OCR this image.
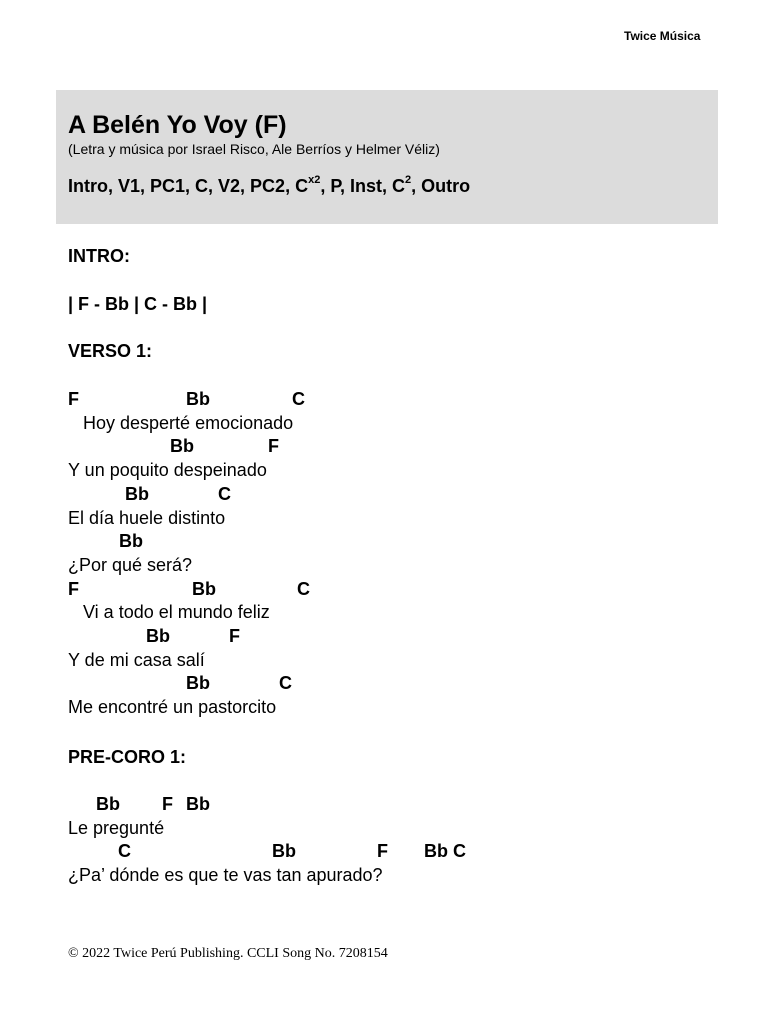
Twice Música
A Belén Yo Voy (F)
(Letra y música por Israel Risco, Ale Berríos y Helmer Véliz)
Intro, V1, PC1, C, V2, PC2, $C^{x2}$, P, Inst, $C^2$, Outro
INTRO:
| F - Bb | C - Bb |
VERSO 1:
F	Bb	C
Hoy desperté emocionado
Bb	F
Y un poquito despeinado
Bb	C
El día huele distinto
Bb
¿Por qué será?
F	Bb	C
Vi a todo el mundo feliz
Bb	F
Y de mi casa salí
Bb	C
Me encontré un pastorcito
PRE-CORO 1:
Bb F Bb
Le pregunté
C	Bb	F Bb C
¿Pa’ dónde es que te vas tan apurado?
© 2022 Twice Perú Publishing. CCLI Song No. 7208154
